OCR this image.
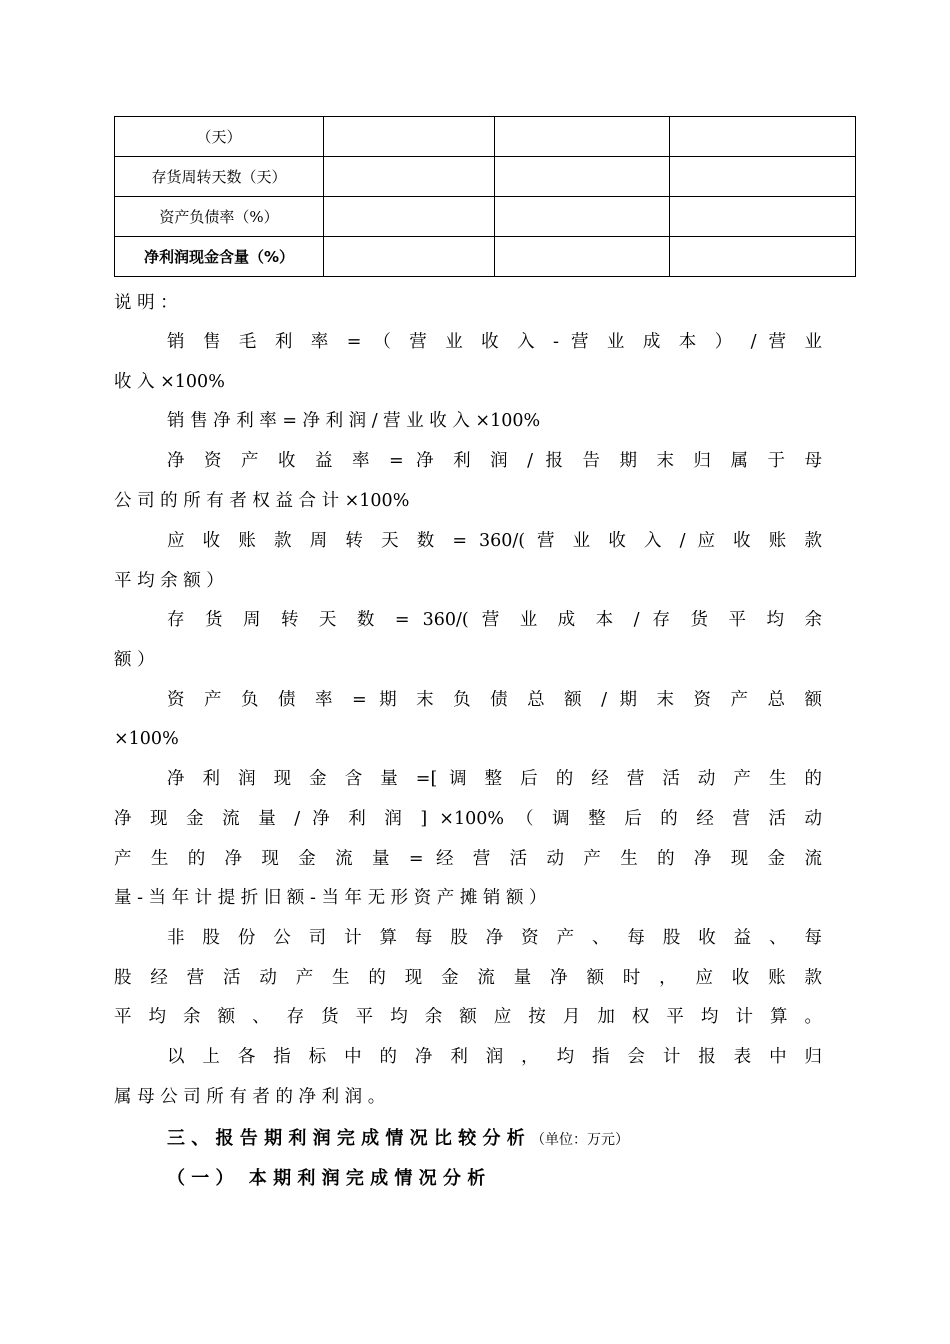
（天）			
存货周转天数（天）			
资产负债率（%）			
净利润现金含量（%）			
说 明 ：
销 售 毛 利 率 = （ 营 业 收 入 - 营 业 成 本 ） / 营 业
收 入 ×100%
销 售 净 利 率 = 净 利 润 / 营 业 收 入 ×100%
净 资 产 收 益 率 = 净 利 润 / 报 告 期 末 归 属 于 母
公 司 的 所 有 者 权 益 合 计 ×100%
应 收 账 款 周 转 天 数 = 360/( 营 业 收 入 / 应 收 账 款
平 均 余 额 ）
存 货 周 转 天 数 = 360/( 营 业 成 本 / 存 货 平 均 余
额 ）
资 产 负 债 率 = 期 末 负 债 总 额 / 期 末 资 产 总 额
×100%
净 利 润 现 金 含 量 =[ 调 整 后 的 经 营 活 动 产 生 的
净 现 金 流 量 / 净 利 润 ] ×100% （ 调 整 后 的 经 营 活 动
产 生 的 净 现 金 流 量 = 经 营 活 动 产 生 的 净 现 金 流
量 - 当 年 计 提 折 旧 额 - 当 年 无 形 资 产 摊 销 额 ）
非 股 份 公 司 计 算 每 股 净 资 产 、 每 股 收 益 、 每
股 经 营 活 动 产 生 的 现 金 流 量 净 额 时 ， 应 收 账 款
平 均 余 额 、 存 货 平 均 余 额 应 按 月 加 权 平 均 计 算 。
以 上 各 指 标 中 的 净 利 润 ， 均 指 会 计 报 表 中 归
属 母 公 司 所 有 者 的 净 利 润 。
三 、 报 告 期 利 润 完 成 情 况 比 较 分 析 （单位：万元）
（ 一 ）　 本 期 利 润 完 成 情 况 分 析
